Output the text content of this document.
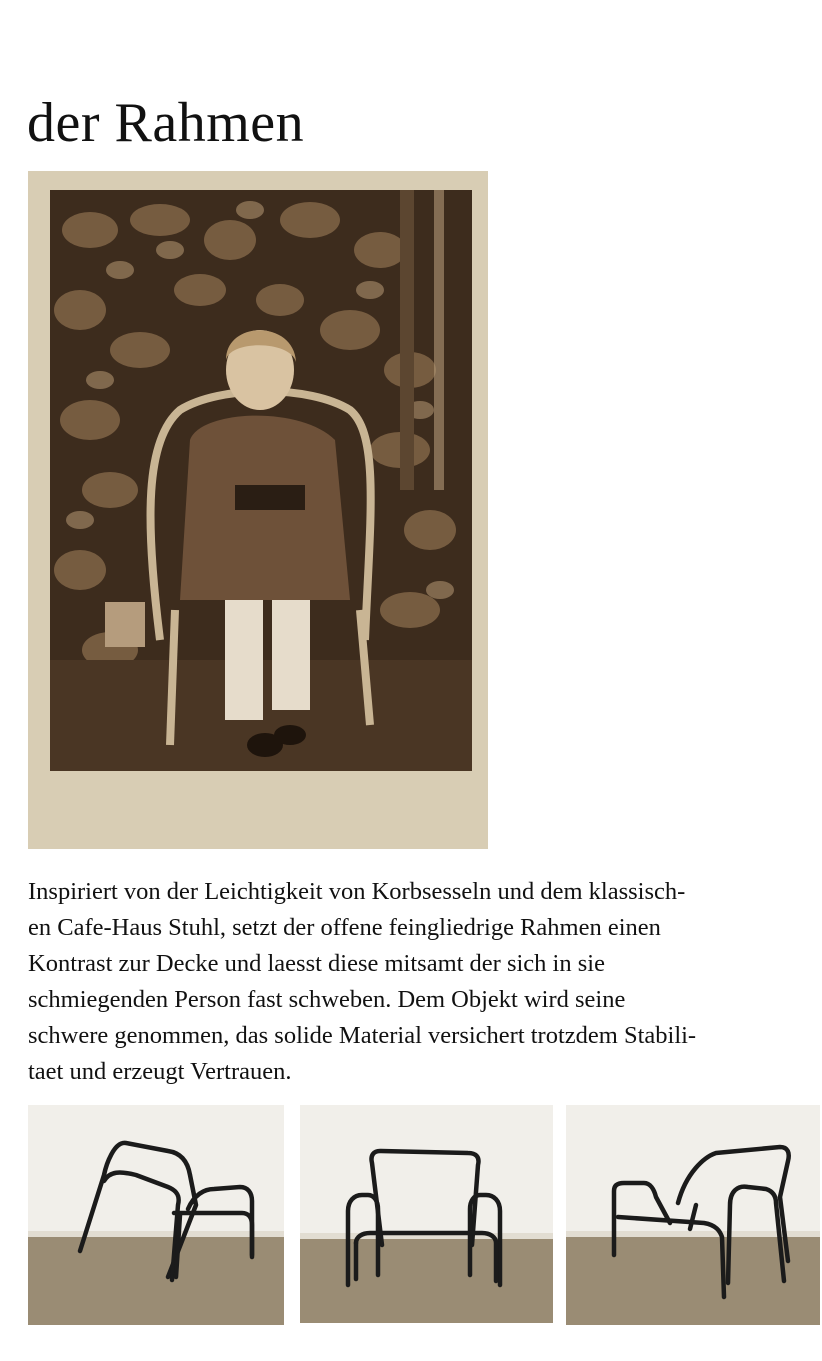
der Rahmen

Inspiriert von der Leichtigkeit von Korbsesseln und dem klassisch-
en Cafe-Haus Stuhl, setzt der offene feingliedrige Rahmen einen
Kontrast zur Decke und laesst diese mitsamt der sich in sie
schmiegenden Person fast schweben. Dem Objekt wird seine
schwere genommen, das solide Material versichert trotzdem Stabili-
taet und erzeugt Vertrauen.
